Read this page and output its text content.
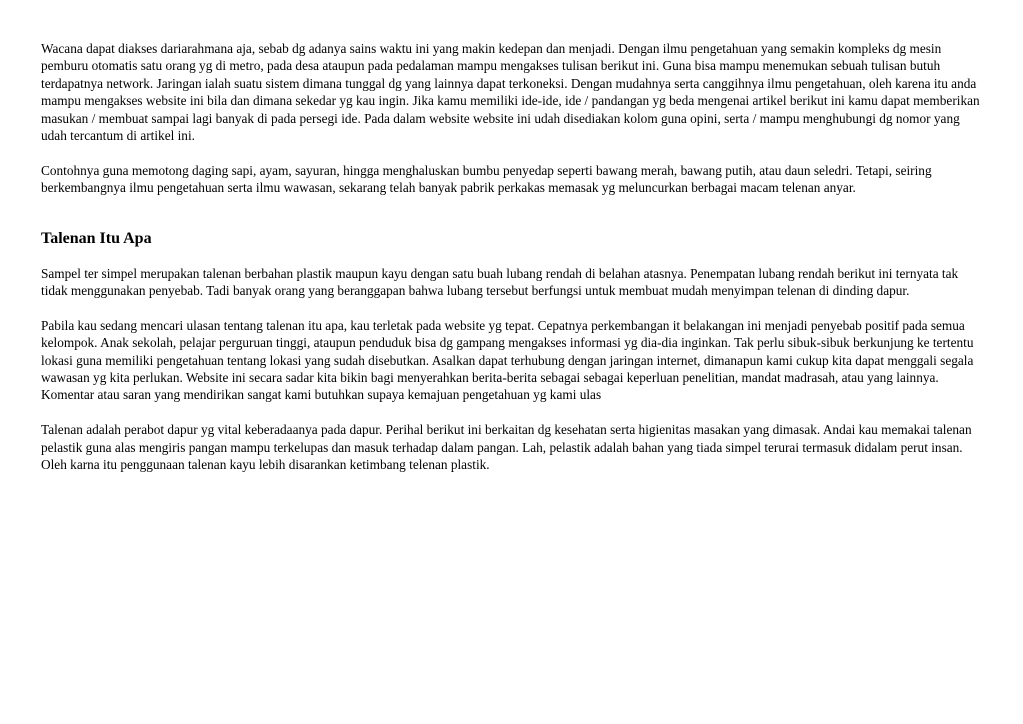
Wacana dapat diakses dariarahmana aja, sebab dg adanya sains waktu ini yang makin kedepan dan menjadi. Dengan ilmu pengetahuan yang semakin kompleks dg mesin pemburu otomatis satu orang yg di metro, pada desa ataupun pada pedalaman mampu mengakses tulisan berikut ini. Guna bisa mampu menemukan sebuah tulisan butuh terdapatnya network. Jaringan ialah suatu sistem dimana tunggal dg yang lainnya dapat terkoneksi. Dengan mudahnya serta canggihnya ilmu pengetahuan, oleh karena itu anda mampu mengakses website ini bila dan dimana sekedar yg kau ingin. Jika kamu memiliki ide-ide, ide / pandangan yg beda mengenai artikel berikut ini kamu dapat memberikan masukan / membuat sampai lagi banyak di pada persegi ide. Pada dalam website website ini udah disediakan kolom guna opini, serta / mampu menghubungi dg nomor yang udah tercantum di artikel ini.

Contohnya guna memotong daging sapi, ayam, sayuran, hingga menghaluskan bumbu penyedap seperti bawang merah, bawang putih, atau daun seledri. Tetapi, seiring berkembangnya ilmu pengetahuan serta ilmu wawasan, sekarang telah banyak pabrik perkakas memasak yg meluncurkan berbagai macam telenan anyar.

Talenan Itu Apa

Sampel ter simpel merupakan talenan berbahan plastik maupun kayu dengan satu buah lubang rendah di belahan atasnya. Penempatan lubang rendah berikut ini ternyata tak tidak menggunakan penyebab. Tadi banyak orang yang beranggapan bahwa lubang tersebut berfungsi untuk membuat mudah menyimpan telenan di dinding dapur.

Pabila kau sedang mencari ulasan tentang talenan itu apa, kau terletak pada website yg tepat. Cepatnya perkembangan it belakangan ini menjadi penyebab positif pada semua kelompok. Anak sekolah, pelajar perguruan tinggi, ataupun penduduk bisa dg gampang mengakses informasi yg dia-dia inginkan. Tak perlu sibuk-sibuk berkunjung ke tertentu lokasi guna memiliki pengetahuan tentang lokasi yang sudah disebutkan. Asalkan dapat terhubung dengan jaringan internet, dimanapun kami cukup kita dapat menggali segala wawasan yg kita perlukan. Website ini secara sadar kita bikin bagi menyerahkan berita-berita sebagai sebagai keperluan penelitian, mandat madrasah, atau yang lainnya. Komentar atau saran yang mendirikan sangat kami butuhkan supaya kemajuan pengetahuan yg kami ulas

Talenan adalah perabot dapur yg vital keberadaanya pada dapur. Perihal berikut ini berkaitan dg kesehatan serta higienitas masakan yang dimasak. Andai kau memakai talenan pelastik guna alas mengiris pangan mampu terkelupas dan masuk terhadap dalam pangan. Lah, pelastik adalah bahan yang tiada simpel terurai termasuk didalam perut insan. Oleh karna itu penggunaan talenan kayu lebih disarankan ketimbang telenan plastik.
